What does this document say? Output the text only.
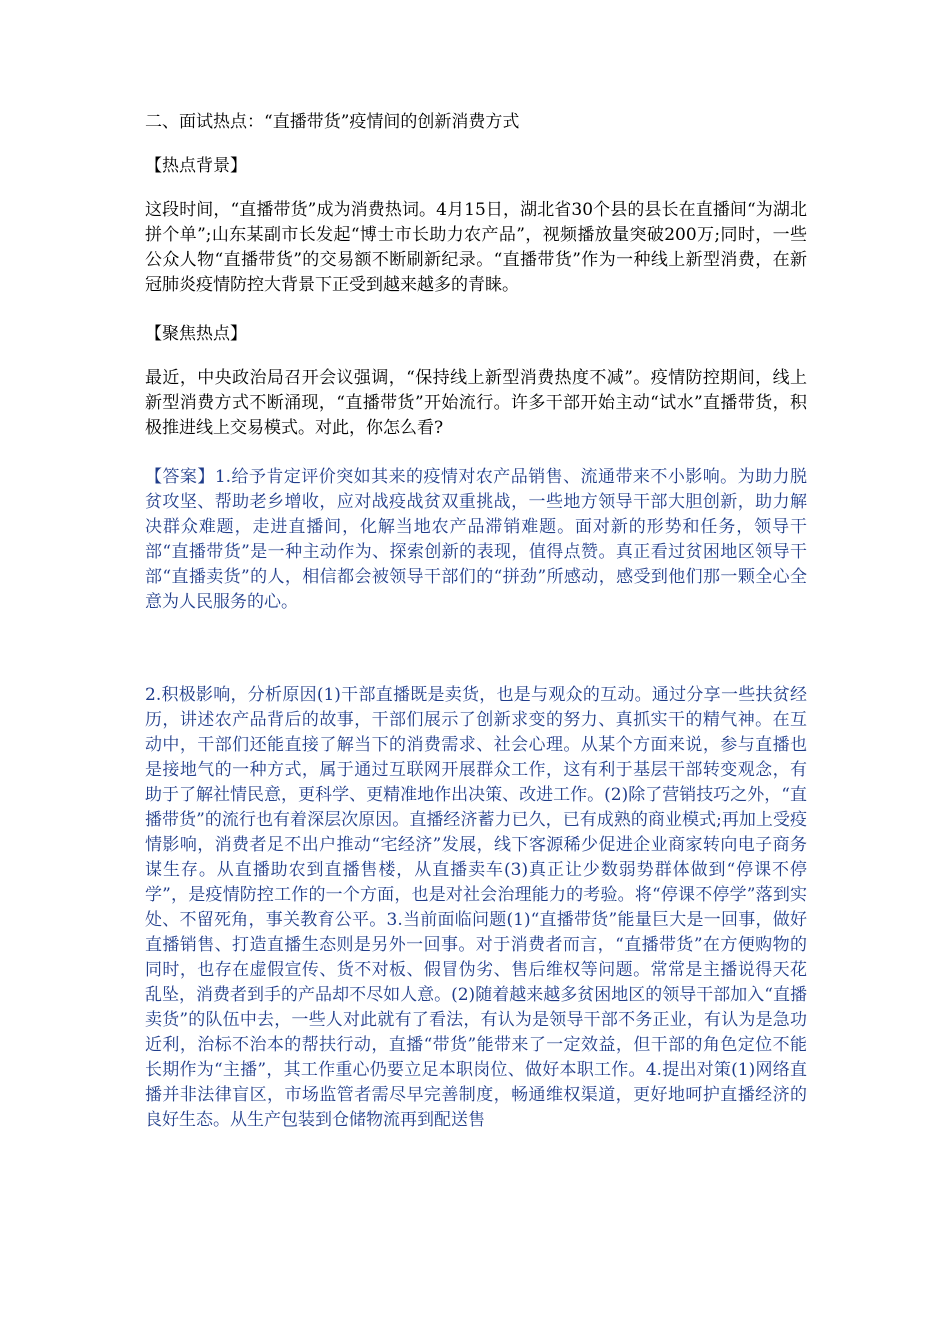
二、面试热点：“直播带货”疫情间的创新消费方式
【热点背景】
这段时间，“直播带货”成为消费热词。4月15日，湖北省30个县的县长在直播间“为湖北拼个单”;山东某副市长发起“博士市长助力农产品”，视频播放量突破200万;同时，一些公众人物“直播带货”的交易额不断刷新纪录。“直播带货”作为一种线上新型消费，在新冠肺炎疫情防控大背景下正受到越来越多的青睐。
【聚焦热点】
最近，中央政治局召开会议强调，“保持线上新型消费热度不减”。疫情防控期间，线上新型消费方式不断涌现，“直播带货”开始流行。许多干部开始主动“试水”直播带货，积极推进线上交易模式。对此，你怎么看?
【答案】1.给予肯定评价突如其来的疫情对农产品销售、流通带来不小影响。为助力脱贫攻坚、帮助老乡增收，应对战疫战贫双重挑战，一些地方领导干部大胆创新，助力解决群众难题，走进直播间，化解当地农产品滞销难题。面对新的形势和任务，领导干部“直播带货”是一种主动作为、探索创新的表现，值得点赞。真正看过贫困地区领导干部“直播卖货”的人，相信都会被领导干部们的“拼劲”所感动，感受到他们那一颗全心全意为人民服务的心。
2.积极影响，分析原因(1)干部直播既是卖货，也是与观众的互动。通过分享一些扶贫经历，讲述农产品背后的故事，干部们展示了创新求变的努力、真抓实干的精气神。在互动中，干部们还能直接了解当下的消费需求、社会心理。从某个方面来说，参与直播也是接地气的一种方式，属于通过互联网开展群众工作，这有利于基层干部转变观念，有助于了解社情民意，更科学、更精准地作出决策、改进工作。(2)除了营销技巧之外，“直播带货”的流行也有着深层次原因。直播经济蓄力已久，已有成熟的商业模式;再加上受疫情影响，消费者足不出户推动“宅经济”发展，线下客源稀少促进企业商家转向电子商务谋生存。从直播助农到直播售楼，从直播卖车(3)真正让少数弱势群体做到“停课不停学”，是疫情防控工作的一个方面，也是对社会治理能力的考验。将“停课不停学”落到实处、不留死角，事关教育公平。3.当前面临问题(1)“直播带货”能量巨大是一回事，做好直播销售、打造直播生态则是另外一回事。对于消费者而言，“直播带货”在方便购物的同时，也存在虚假宣传、货不对板、假冒伪劣、售后维权等问题。常常是主播说得天花乱坠，消费者到手的产品却不尽如人意。(2)随着越来越多贫困地区的领导干部加入“直播卖货”的队伍中去，一些人对此就有了看法，有认为是领导干部不务正业，有认为是急功近利，治标不治本的帮扶行动，直播“带货”能带来了一定效益，但干部的角色定位不能长期作为“主播”，其工作重心仍要立足本职岗位、做好本职工作。4.提出对策(1)网络直播并非法律盲区，市场监管者需尽早完善制度，畅通维权渠道，更好地呵护直播经济的良好生态。从生产包装到仓储物流再到配送售
